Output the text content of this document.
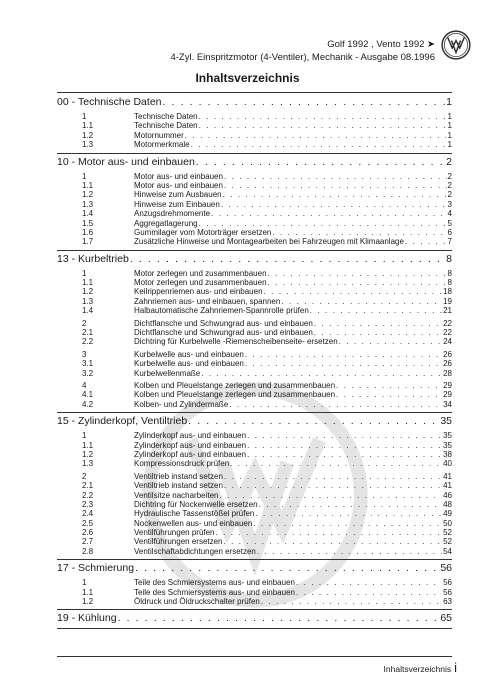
Golf 1992 , Vento 1992 ➤
4-Zyl. Einspritzmotor (4-Ventiler), Mechanik - Ausgabe 08.1996
Inhaltsverzeichnis
00 - Technische Daten . . .	1
1	Technische Daten . . .	1
1.1	Technische Daten . . .	1
1.2	Motornummer . . .	1
1.3	Motormerkmale . . .	1
10 - Motor aus- und einbauen . . .	2
1	Motor aus- und einbauen . . .	2
1.1	Motor aus- und einbauen . . .	2
1.2	Hinweise zum Ausbauen . . .	2
1.3	Hinweise zum Einbauen . . .	3
1.4	Anzugsdrehmomente . . .	4
1.5	Aggregatlagerung . . .	5
1.6	Gummilager vom Motorträger ersetzen . . .	6
1.7	Zusätzliche Hinweise und Montagearbeiten bei Fahrzeugen mit Klimaanlage . . .	7
13 - Kurbeltrieb . . .	8
1	Motor zerlegen und zusammenbauen . . .	8
1.1	Motor zerlegen und zusammenbauen . . .	8
1.2	Keilrippenriemen aus- und einbauen . . .	18
1.3	Zahnriemen aus- und einbauen, spannen . . .	19
1.4	Halbautomatische Zahnriemen-Spannrolle prüfen . . .	21
2	Dichtflansche und Schwungrad aus- und einbauen . . .	22
2.1	Dichtflansche und Schwungrad aus- und einbauen . . .	22
2.2	Dichtring für Kurbelwelle -Riemenscheibenseite- ersetzen . . .	24
3	Kurbelwelle aus- und einbauen . . .	26
3.1	Kurbelwelle aus- und einbauen . . .	26
3.2	Kurbelwellenmaße . . .	28
4	Kolben und Pleuelstange zerlegen und zusammenbauen . . .	29
4.1	Kolben und Pleuelstange zerlegen und zusammenbauen . . .	29
4.2	Kolben- und Zylindermaße . . .	34
15 - Zylinderkopf, Ventiltrieb . . .	35
1	Zylinderkopf aus- und einbauen . . .	35
1.1	Zylinderkopf aus- und einbauen . . .	35
1.2	Zylinderkopf aus- und einbauen . . .	38
1.3	Kompressionsdruck prüfen . . .	40
2	Ventiltrieb instand setzen . . .	41
2.1	Ventiltrieb instand setzen . . .	41
2.2	Ventilsitze nacharbeiten . . .	46
2.3	Dichtring für Nockenwelle ersetzen . . .	48
2.4	Hydraulische Tassenstößel prüfen . . .	49
2.5	Nockenwellen aus- und einbauen . . .	50
2.6	Ventilführungen prüfen . . .	52
2.7	Ventilführungen ersetzen . . .	52
2.8	Ventilschaftabdichtungen ersetzen . . .	54
17 - Schmierung . . .	56
1	Teile des Schmiersystems aus- und einbauen . . .	56
1.1	Teile des Schmiersystems aus- und einbauen . . .	56
1.2	Öldruck und Öldruckschalter prüfen . . .	63
19 - Kühlung . . .	65
Inhaltsverzeichnis i
